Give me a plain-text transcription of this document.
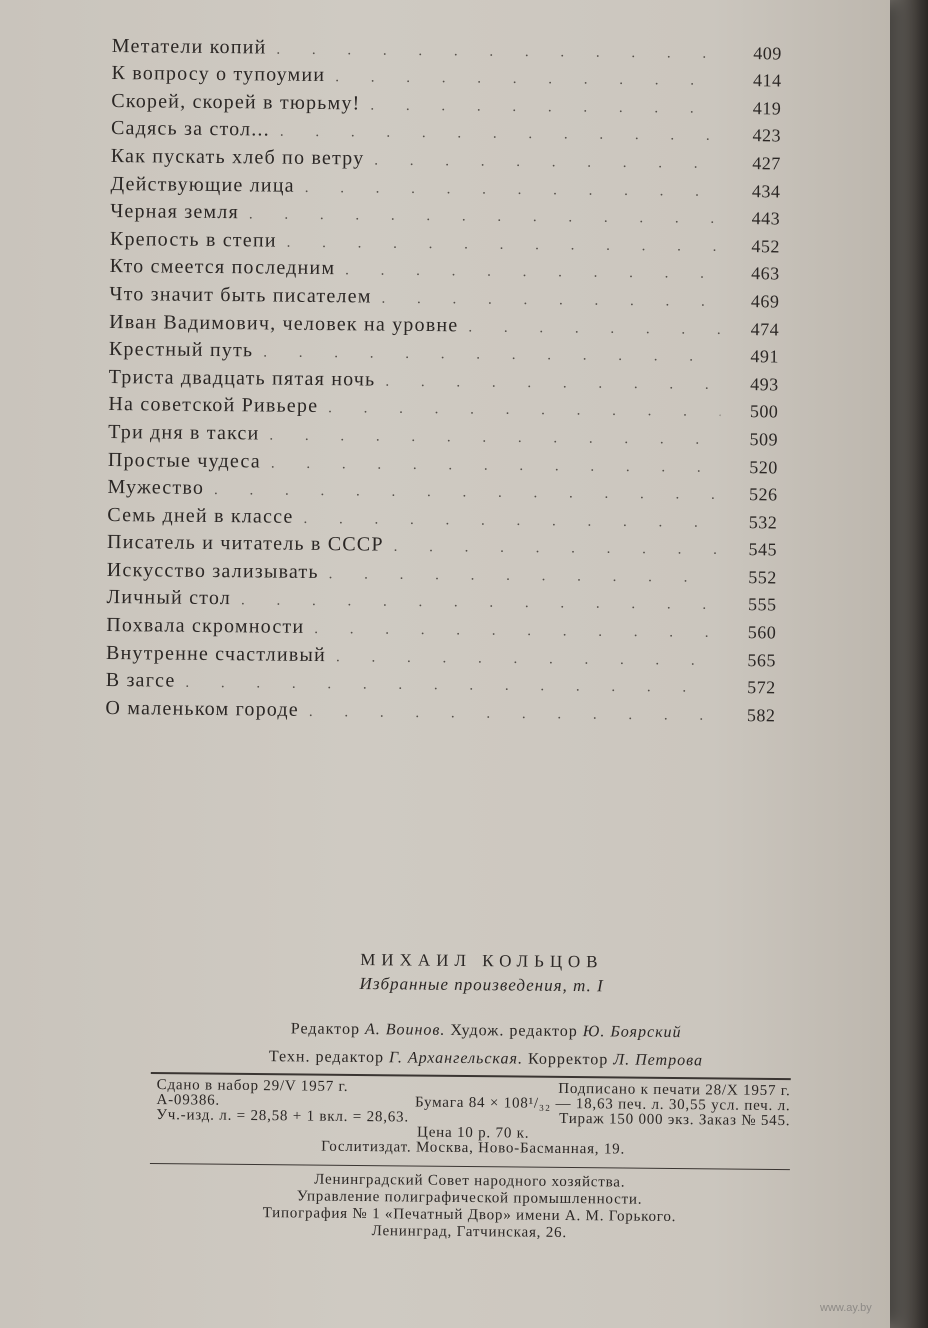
Метатели копий . . .	409
К вопросу о тупоумии . . .	414
Скорей, скорей в тюрьму! . . .	419
Садясь за стол... . . .	423
Как пускать хлеб по ветру . . .	427
Действующие лица . . .	434
Черная земля . . .	443
Крепость в степи . . .	452
Кто смеется последним . . .	463
Что значит быть писателем . . .	469
Иван Вадимович, человек на уровне . . .	474
Крестный путь . . .	491
Триста двадцать пятая ночь . . .	493
На советской Ривьере . . .	500
Три дня в такси . . .	509
Простые чудеса . . .	520
Мужество . . .	526
Семь дней в классе . . .	532
Писатель и читатель в СССР . . .	545
Искусство зализывать . . .	552
Личный стол . . .	555
Похвала скромности . . .	560
Внутренне счастливый . . .	565
В загсе . . .	572
О маленьком городе . . .	582
МИХАИЛ КОЛЬЦОВ
Избранные произведения, т. I
Редактор А. Воинов. Худож. редактор Ю. Боярский
Техн. редактор Г. Архангельская. Корректор Л. Петрова
Сдано в набор 29/V 1957 г.	Подписано к печати 28/X 1957 г.
А-09386.	Бумага 84 × 108¹/₃₂ — 18,63 печ. л. 30,55 усл. печ. л.
Уч.-изд. л. = 28,58 + 1 вкл. = 28,63.	Тираж 150 000 экз. Заказ № 545.
Цена 10 р. 70 к.
Гослитиздат. Москва, Ново-Басманная, 19.
Ленинградский Совет народного хозяйства.
Управление полиграфической промышленности.
Типография № 1 «Печатный Двор» имени А. М. Горького.
Ленинград, Гатчинская, 26.
www.ay.by
